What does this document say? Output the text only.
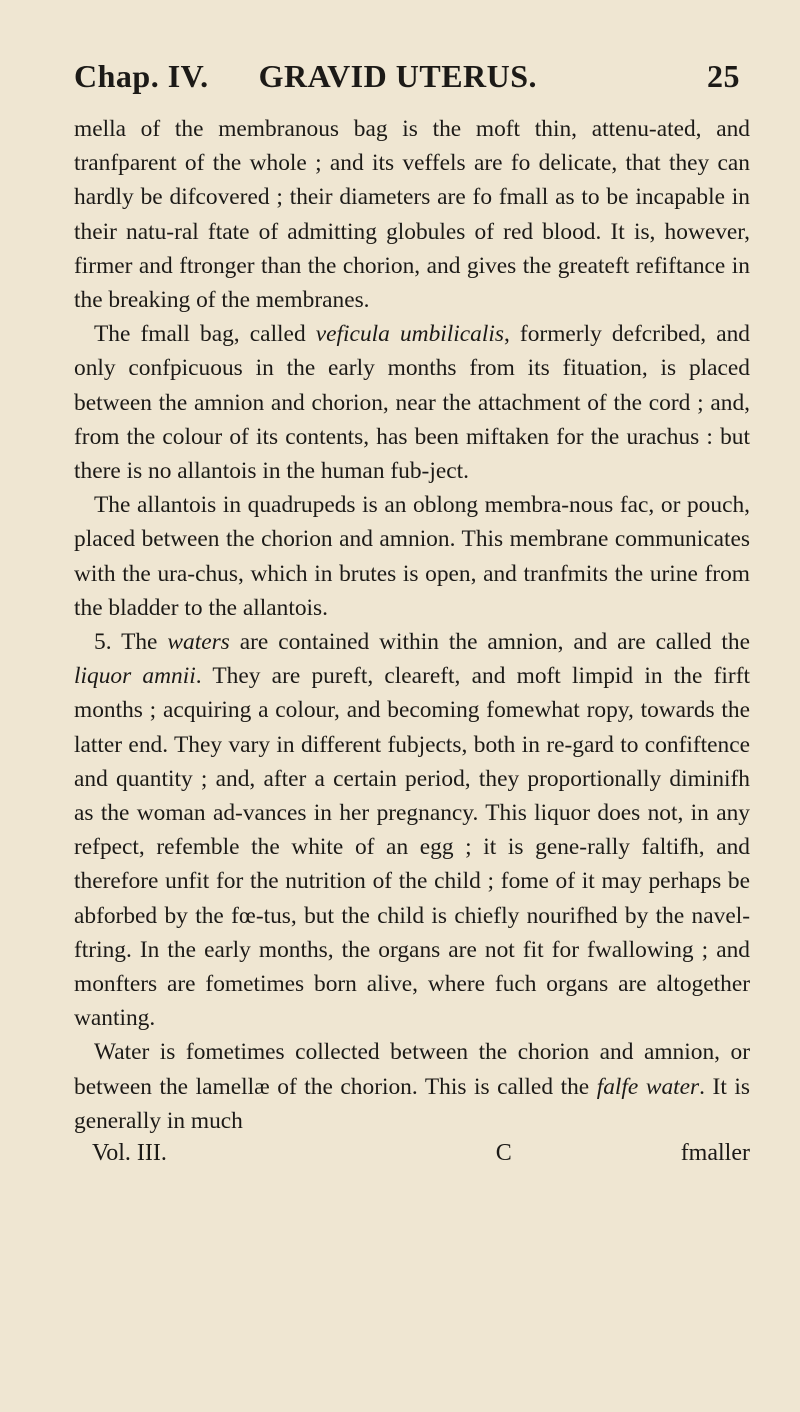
Chap. IV. GRAVID UTERUS.	25

mella of the membranous bag is the moft thin, attenu-ated, and tranfparent of the whole ; and its veffels are fo delicate, that they can hardly be difcovered ; their diameters are fo fmall as to be incapable in their natu-ral ftate of admitting globules of red blood. It is, however, firmer and ftronger than the chorion, and gives the greateft refiftance in the breaking of the membranes.

The fmall bag, called veficula umbilicalis, formerly defcribed, and only confpicuous in the early months from its fituation, is placed between the amnion and chorion, near the attachment of the cord ; and, from the colour of its contents, has been miftaken for the urachus : but there is no allantois in the human fub-ject.

The allantois in quadrupeds is an oblong membra-nous fac, or pouch, placed between the chorion and amnion. This membrane communicates with the ura-chus, which in brutes is open, and tranfmits the urine from the bladder to the allantois.

5. The waters are contained within the amnion, and are called the liquor amnii. They are pureft, cleareft, and moft limpid in the firft months ; acquiring a colour, and becoming fomewhat ropy, towards the latter end. They vary in different fubjects, both in re-gard to confiftence and quantity ; and, after a certain period, they proportionally diminifh as the woman ad-vances in her pregnancy. This liquor does not, in any refpect, refemble the white of an egg ; it is gene-rally faltifh, and therefore unfit for the nutrition of the child ; fome of it may perhaps be abforbed by the fœ-tus, but the child is chiefly nourifhed by the navel-ftring. In the early months, the organs are not fit for fwallowing ; and monfters are fometimes born alive, where fuch organs are altogether wanting.

Water is fometimes collected between the chorion and amnion, or between the lamellæ of the chorion. This is called the falfe water. It is generally in much

Vol. III.	C	fmaller
